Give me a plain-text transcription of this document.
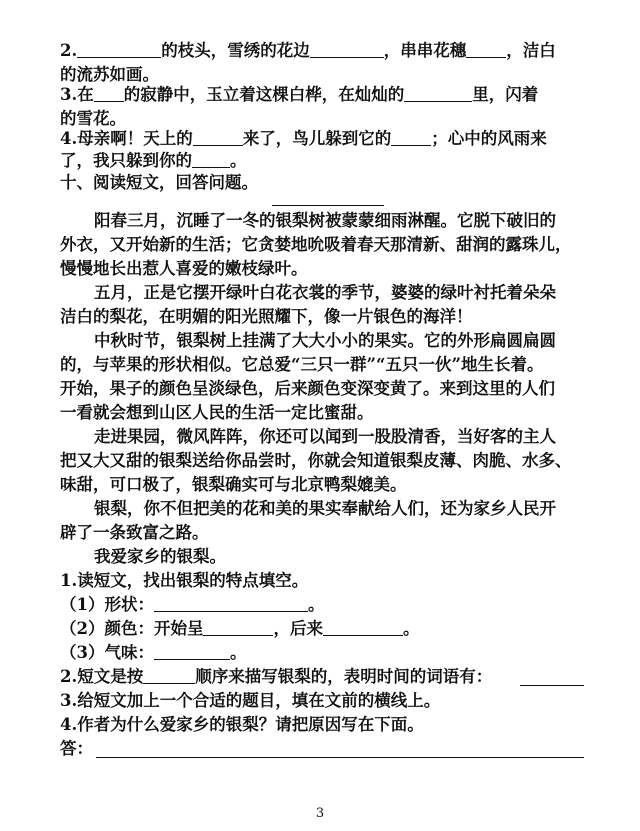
2.	的枝头，雪绣的花边	，串串花穗 ，洁白
的流苏如画。
3.在 的寂静中，玉立着这棵白桦，在灿灿的	里，闪着
的雪花。
4.母亲啊！天上的	来了，鸟儿躲到它的 ；心中的风雨来
了，我只躲到你的 。
十、阅读短文，回答问题。
阳春三月，沉睡了一冬的银梨树被蒙蒙细雨淋醒。它脱下破旧的
外衣，又开始新的生活；它贪婪地吮吸着春天那清新、甜润的露珠儿，
慢慢地长出惹人喜爱的嫩枝绿叶。
五月，正是它摆开绿叶白花衣裳的季节，婆婆的绿叶衬托着朵朵
洁白的梨花，在明媚的阳光照耀下，像一片银色的海洋！
中秋时节，银梨树上挂满了大大小小的果实。它的外形扁圆扁圆
的，与苹果的形状相似。它总爱“三只一群”“五只一伙”地生长着。
开始，果子的颜色呈淡绿色，后来颜色变深变黄了。来到这里的人们
一看就会想到山区人民的生活一定比蜜甜。
走进果园，微风阵阵，你还可以闻到一股股清香，当好客的主人
把又大又甜的银梨送给你品尝时，你就会知道银梨皮薄、肉脆、水多、
味甜，可口极了，银梨确实可与北京鸭梨媲美。
银梨，你不但把美的花和美的果实奉献给人们，还为家乡人民开
辟了一条致富之路。
我爱家乡的银梨。
1.读短文，找出银梨的特点填空。
（1）形状：	。
（2）颜色：开始呈	，后来	。
（3）气味：	。
2.短文是按	顺序来描写银梨的，表明时间的词语有：
3.给短文加上一个合适的题目，填在文前的横线上。
4.作者为什么爱家乡的银梨？请把原因写在下面。
答：
3
